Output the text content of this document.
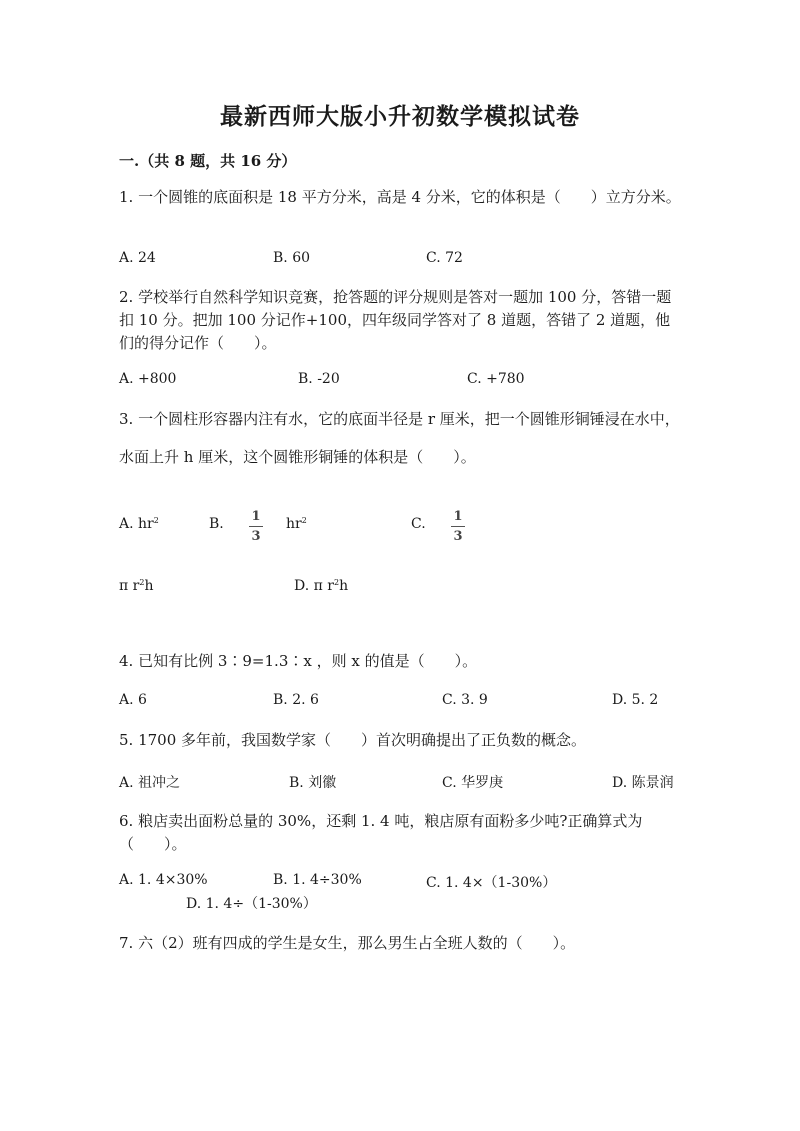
最新西师大版小升初数学模拟试卷
一.（共 8 题，共 16 分）
1. 一个圆锥的底面积是 18 平方分米，高是 4 分米，它的体积是（　　）立方分米。
A. 24	B. 60	C. 72
2. 学校举行自然科学知识竞赛，抢答题的评分规则是答对一题加 100 分，答错一题扣 10 分。把加 100 分记作+100，四年级同学答对了 8 道题，答错了 2 道题，他们的得分记作（　　）。
A. +800	B. -20	C. +780
3. 一个圆柱形容器内注有水，它的底面半径是 r 厘米，把一个圆锥形铜锤浸在水中，水面上升 h 厘米，这个圆锥形铜锤的体积是（　　）。
A. $hr^2$	B. 1
3
$hr^2$	C. 1
3
π $r^2h$	D. π $r^2h$
4. 已知有比例 3∶9=1.3∶x ，则 x 的值是（　　）。
A. 6	B. 2. 6	C. 3. 9	D. 5. 2
5. 1700 多年前，我国数学家（　　）首次明确提出了正负数的概念。
A. 祖冲之	B. 刘徽	C. 华罗庚	D. 陈景润
6. 粮店卖出面粉总量的 30%，还剩 1. 4 吨，粮店原有面粉多少吨?正确算式为（　　）。
A. 1. 4×30%	B. 1. 4÷30%	C. 1. 4×（1-30%）
D. 1. 4÷（1-30%）
7. 六（2）班有四成的学生是女生，那么男生占全班人数的（　　）。
